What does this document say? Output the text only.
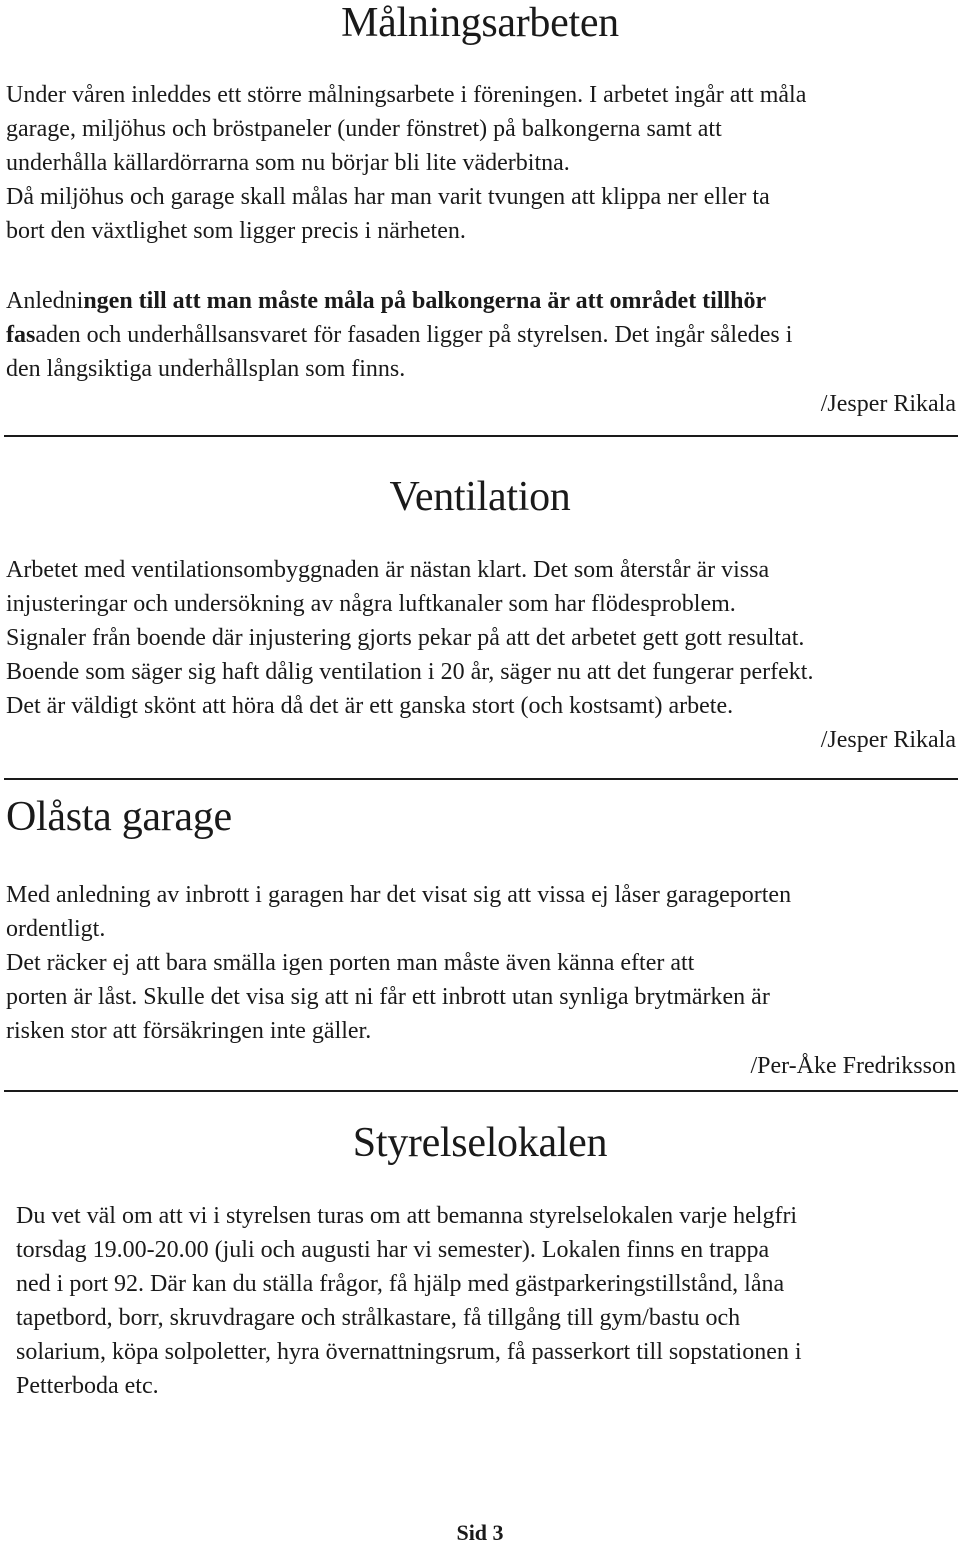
Målningsarbeten

Under våren inleddes ett större målningsarbete i föreningen. I arbetet ingår att måla
garage, miljöhus och bröstpaneler (under fönstret) på balkongerna samt att
underhålla källardörrarna som nu börjar bli lite väderbitna.
Då miljöhus och garage skall målas har man varit tvungen att klippa ner eller ta
bort den växtlighet som ligger precis i närheten.

Anledningen till att man måste måla på balkongerna är att området tillhör
fasaden och underhållsansvaret för fasaden ligger på styrelsen. Det ingår således i
den långsiktiga underhållsplan som finns.

/Jesper Rikala
Ventilation

Arbetet med ventilationsombyggnaden är nästan klart. Det som återstår är vissa
injusteringar och undersökning av några luftkanaler som har flödesproblem.
Signaler från boende där injustering gjorts pekar på att det arbetet gett gott resultat.
Boende som säger sig haft dålig ventilation i 20 år, säger nu att det fungerar perfekt.
Det är väldigt skönt att höra då det är ett ganska stort (och kostsamt) arbete.

/Jesper Rikala
Olåsta garage

Med anledning av inbrott i garagen har det visat sig att vissa ej låser garageporten
ordentligt.
Det räcker ej att bara smälla igen porten man måste även känna efter att
porten är låst. Skulle det visa sig att ni får ett inbrott utan synliga brytmärken är
risken stor att försäkringen inte gäller.

/Per-Åke Fredriksson
Styrelselokalen

Du vet väl om att vi i styrelsen turas om att bemanna styrelselokalen varje helgfri
torsdag 19.00-20.00 (juli och augusti har vi semester). Lokalen finns en trappa
ned i port 92. Där kan du ställa frågor, få hjälp med gästparkeringstillstånd, låna
tapetbord, borr, skruvdragare och strålkastare, få tillgång till gym/bastu och
solarium, köpa solpoletter, hyra övernattningsrum, få passerkort till sopstationen i
Petterboda etc.

Sid 3
